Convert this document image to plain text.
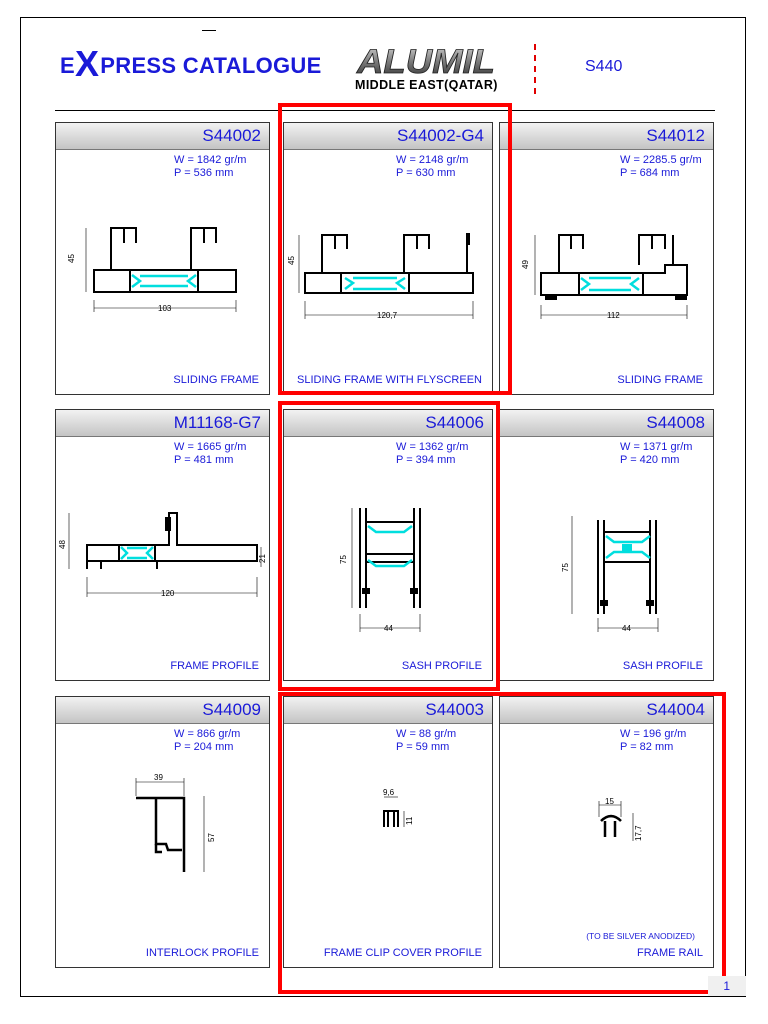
EXPRESS CATALOGUE ALUMIL
MIDDLE EAST(QATAR)
S440
S44002
W = 1842 gr/m
P = 536 mm
45
103
SLIDING FRAME
S44002-G4
W = 2148 gr/m
P = 630 mm
45
120,7
SLIDING FRAME WITH FLYSCREEN
S44012
W = 2285.5 gr/m
P = 684 mm
49
112
SLIDING FRAME
M11168-G7
W = 1665 gr/m
P = 481 mm
48
120
21
FRAME PROFILE
S44006
W = 1362 gr/m
P = 394 mm
75
44
SASH PROFILE
S44008
W = 1371 gr/m
P = 420 mm
75
44
SASH PROFILE
S44009
W = 866 gr/m
P = 204 mm
39
57
INTERLOCK PROFILE
S44003
W = 88 gr/m
P = 59 mm
9,6
11
FRAME CLIP COVER PROFILE
S44004
W = 196 gr/m
P = 82 mm
15
17,7
(TO BE SILVER ANODIZED)
FRAME RAIL
1
